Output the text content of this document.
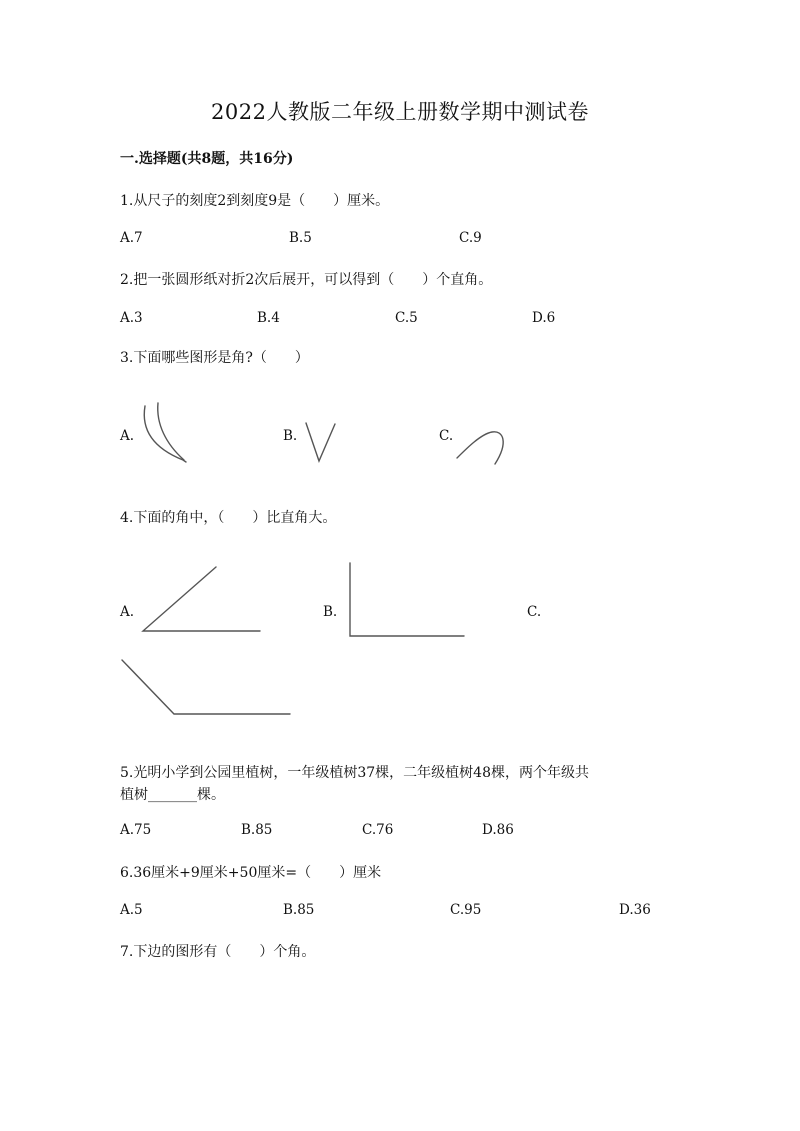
2022人教版二年级上册数学期中测试卷
一.选择题(共8题，共16分)
1.从尺子的刻度2到刻度9是（　　）厘米。
A.7	B.5	C.9
2.把一张圆形纸对折2次后展开，可以得到（　　）个直角。
A.3	B.4	C.5	D.6
3.下面哪些图形是角?（　　）
A.	B.	C.
4.下面的角中，（　　）比直角大。
A.	B.	C.
5.光明小学到公园里植树，一年级植树37棵，二年级植树48棵，两个年级共
植树_______棵。
A.75	B.85	C.76	D.86
6.36厘米+9厘米+50厘米=（　　）厘米
A.5	B.85	C.95	D.36
7.下边的图形有（　　）个角。
